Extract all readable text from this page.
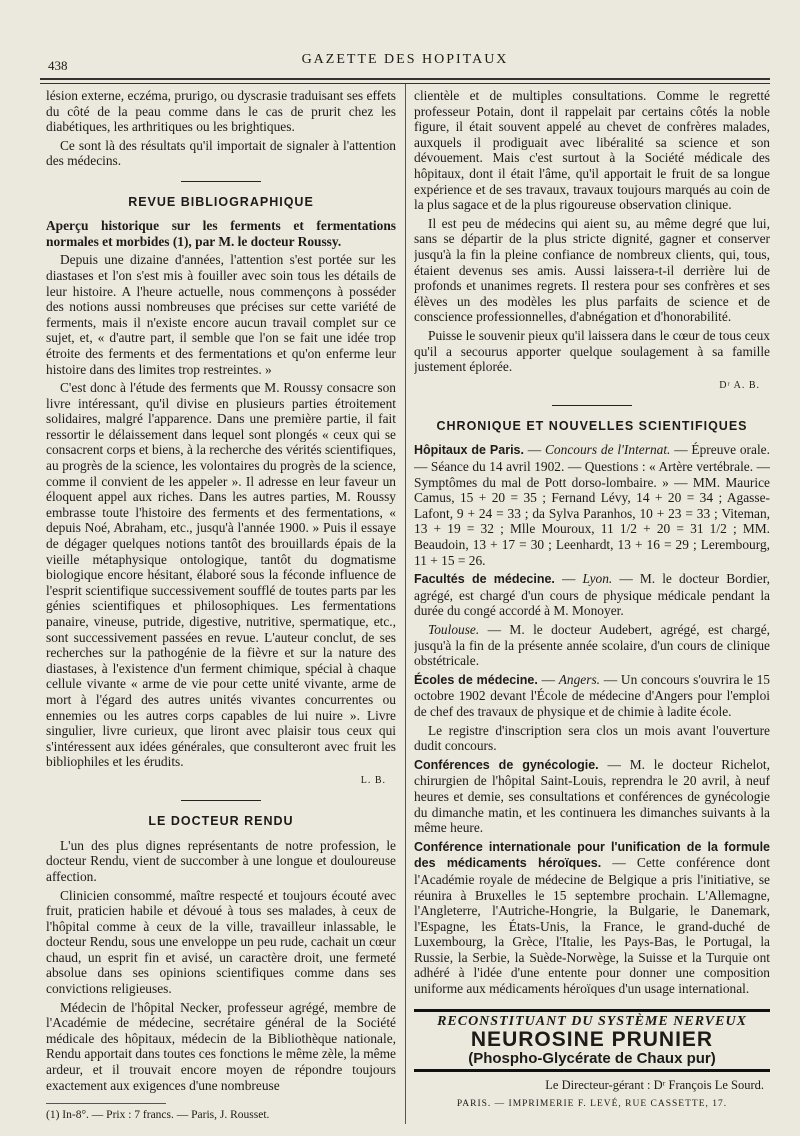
438	GAZETTE DES HOPITAUX

lésion externe, eczéma, prurigo, ou dyscrasie traduisant ses effets du côté de la peau comme dans le cas de prurit chez les diabétiques, les arthritiques ou les brightiques.

Ce sont là des résultats qu'il importait de signaler à l'attention des médecins.

REVUE BIBLIOGRAPHIQUE

Aperçu historique sur les ferments et fermentations normales et morbides (1), par M. le docteur Roussy.

Depuis une dizaine d'années, l'attention s'est portée sur les diastases et l'on s'est mis à fouiller avec soin tous les détails de leur histoire. A l'heure actuelle, nous commençons à posséder des notions aussi nombreuses que précises sur cette variété de ferments, mais il n'existe encore aucun travail complet sur ce sujet, et, « d'autre part, il semble que l'on se fait une idée trop étroite des ferments et des fermentations et qu'on enferme leur histoire dans des limites trop restreintes. »

C'est donc à l'étude des ferments que M. Roussy consacre son livre intéressant, qu'il divise en plusieurs parties étroitement solidaires, malgré l'apparence. Dans une première partie, il fait ressortir le délaissement dans lequel sont plongés « ceux qui se consacrent corps et biens, à la recherche des vérités scientifiques, au progrès de la science, les volontaires du progrès de la science, comme il convient de les appeler ». Il adresse en leur faveur un éloquent appel aux riches. Dans les autres parties, M. Roussy embrasse toute l'histoire des ferments et des fermentations, « depuis Noé, Abraham, etc., jusqu'à l'année 1900. » Puis il essaye de dégager quelques notions tantôt des brouillards épais de la vieille métaphysique ontologique, tantôt du dogmatisme biologique encore hésitant, élaboré sous la féconde influence de l'esprit scientifique successivement soufflé de toutes parts par les génies scientifiques et philosophiques. Les fermentations panaire, vineuse, putride, digestive, nutritive, spermatique, etc., sont successivement passées en revue. L'auteur conclut, de ses recherches sur la pathogénie de la fièvre et sur la nature des diastases, à l'existence d'un ferment chimique, spécial à chaque cellule vivante « arme de vie pour cette unité vivante, arme de mort à l'égard des autres unités vivantes concurrentes ou ennemies ou les autres corps capables de lui nuire ». Livre singulier, livre curieux, que liront avec plaisir tous ceux qui s'intéressent aux idées générales, que consulteront avec fruit les bibliophiles et les érudits.

L. B.
LE DOCTEUR RENDU

L'un des plus dignes représentants de notre profession, le docteur Rendu, vient de succomber à une longue et douloureuse affection.

Clinicien consommé, maître respecté et toujours écouté avec fruit, praticien habile et dévoué à tous ses malades, à ceux de l'hôpital comme à ceux de la ville, travailleur inlassable, le docteur Rendu, sous une enveloppe un peu rude, cachait un cœur chaud, un esprit fin et avisé, un caractère droit, une fermeté absolue dans ses opinions scientifiques comme dans ses convictions religieuses.

Médecin de l'hôpital Necker, professeur agrégé, membre de l'Académie de médecine, secrétaire général de la Société médicale des hôpitaux, médecin de la Bibliothèque nationale, Rendu apportait dans toutes ces fonctions le même zèle, la même ardeur, et il trouvait encore moyen de répondre toujours exactement aux exigences d'une nombreuse

(1) In-8°. — Prix : 7 francs. — Paris, J. Rousset.

clientèle et de multiples consultations. Comme le regretté professeur Potain, dont il rappelait par certains côtés la noble figure, il était souvent appelé au chevet de confrères malades, auxquels il prodiguait avec libéralité sa science et son dévouement. Mais c'est surtout à la Société médicale des hôpitaux, dont il était l'âme, qu'il apportait le fruit de sa longue expérience et de ses travaux, travaux toujours marqués au coin de la plus sagace et de la plus rigoureuse observation clinique.

Il est peu de médecins qui aient su, au même degré que lui, sans se départir de la plus stricte dignité, gagner et conserver jusqu'à la fin la pleine confiance de nombreux clients, qui, tous, étaient devenus ses amis. Aussi laissera-t-il derrière lui de profonds et unanimes regrets. Il restera pour ses confrères et ses élèves un des modèles les plus parfaits de science et de conscience professionnelles, d'abnégation et d'honorabilité.

Puisse le souvenir pieux qu'il laissera dans le cœur de tous ceux qu'il a secourus apporter quelque soulagement à sa famille justement éplorée.

Dʳ A. B.
CHRONIQUE ET NOUVELLES SCIENTIFIQUES

Hôpitaux de Paris. — Concours de l'Internat. — Épreuve orale. — Séance du 14 avril 1902. — Questions : « Artère vertébrale. — Symptômes du mal de Pott dorso-lombaire. » — MM. Maurice Camus, 15 + 20 = 35 ; Fernand Lévy, 14 + 20 = 34 ; Agasse-Lafont, 9 + 24 = 33 ; da Sylva Paranhos, 10 + 23 = 33 ; Viteman, 13 + 19 = 32 ; Mlle Mouroux, 11 1/2 + 20 = 31 1/2 ; MM. Beaudoin, 13 + 17 = 30 ; Leenhardt, 13 + 16 = 29 ; Lerembourg, 11 + 15 = 26.

Facultés de médecine. — Lyon. — M. le docteur Bordier, agrégé, est chargé d'un cours de physique médicale pendant la durée du congé accordé à M. Monoyer.

Toulouse. — M. le docteur Audebert, agrégé, est chargé, jusqu'à la fin de la présente année scolaire, d'un cours de clinique obstétricale.

Écoles de médecine. — Angers. — Un concours s'ouvrira le 15 octobre 1902 devant l'École de médecine d'Angers pour l'emploi de chef des travaux de physique et de chimie à ladite école.

Le registre d'inscription sera clos un mois avant l'ouverture dudit concours.

Conférences de gynécologie. — M. le docteur Richelot, chirurgien de l'hôpital Saint-Louis, reprendra le 20 avril, à neuf heures et demie, ses consultations et conférences de gynécologie du dimanche matin, et les continuera les dimanches suivants à la même heure.

Conférence internationale pour l'unification de la formule des médicaments héroïques. — Cette conférence dont l'Académie royale de médecine de Belgique a pris l'initiative, se réunira à Bruxelles le 15 septembre prochain. L'Allemagne, l'Angleterre, l'Autriche-Hongrie, la Bulgarie, le Danemark, l'Espagne, les États-Unis, la France, le grand-duché de Luxembourg, la Grèce, l'Italie, les Pays-Bas, le Portugal, la Russie, la Serbie, la Suède-Norwège, la Suisse et la Turquie ont adhéré à l'idée d'une entente pour donner une composition uniforme aux médicaments héroïques d'un usage international.

RECONSTITUANT DU SYSTÈME NERVEUX
NEUROSINE PRUNIER
(Phospho-Glycérate de Chaux pur)
Le Directeur-gérant : Dʳ François Le Sourd.
PARIS. — IMPRIMERIE F. LEVÉ, RUE CASSETTE, 17.
